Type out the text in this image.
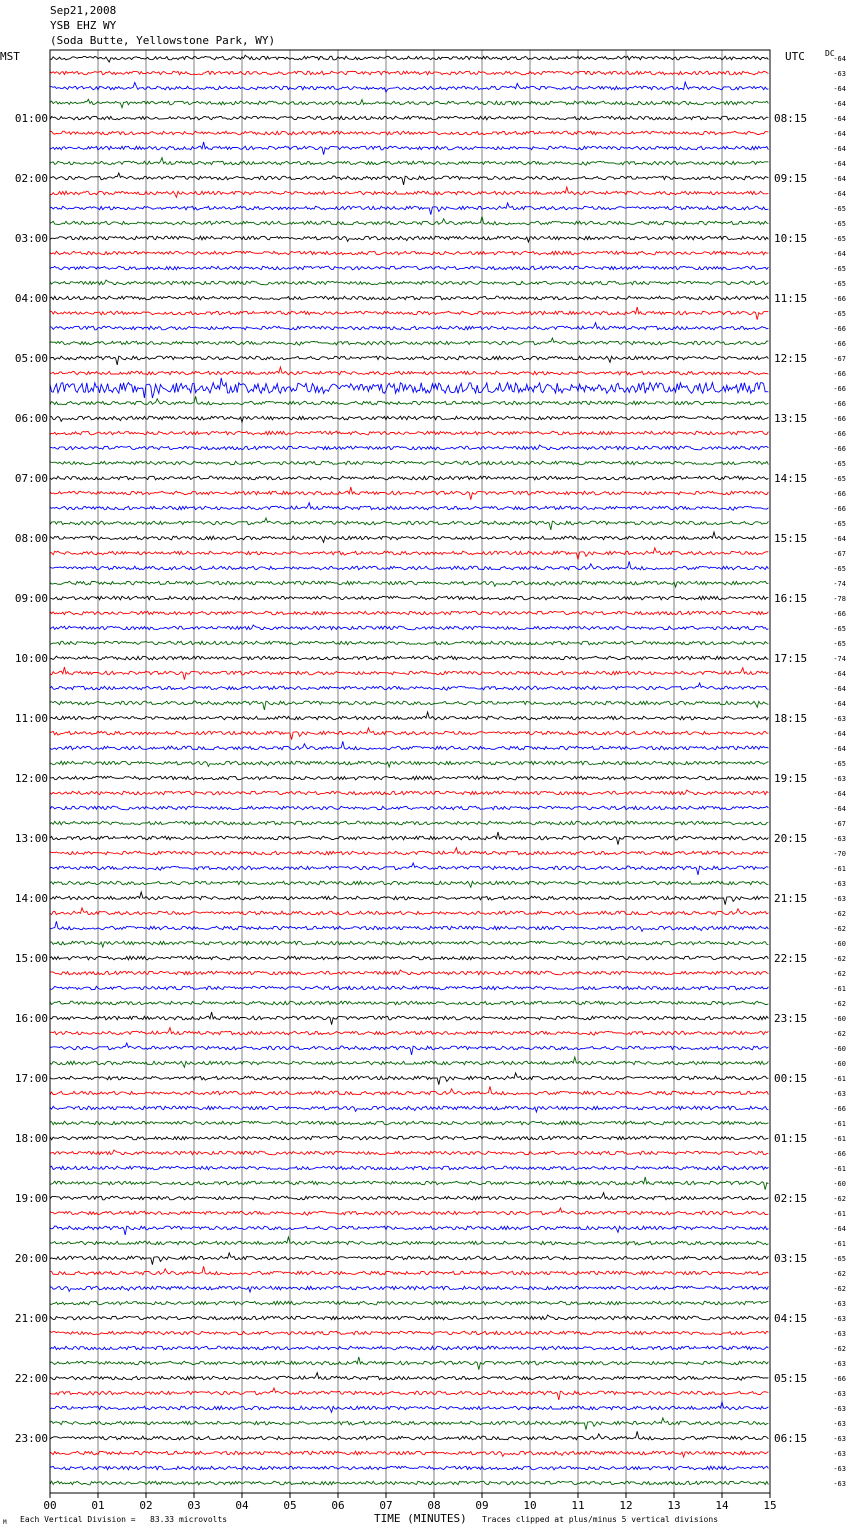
Sep21,2008
YSB EHZ WY
(Soda Butte, Yellowstone Park, WY)
MST	UTC	DC
00	01	02	03	04	05	06	07	08	09	10	11	12	13	14	15
01:00
02:00
03:00
04:00
05:00
06:00
07:00
08:00
09:00
10:00
11:00
12:00
13:00
14:00
15:00
16:00
17:00
18:00
19:00
20:00
21:00
22:00
23:00
08:15
09:15
10:15
11:15
12:15
13:15
14:15
15:15
16:15
17:15
18:15
19:15
20:15
21:15
22:15
23:15
00:15
01:15
02:15
03:15
04:15
05:15
06:15
-64
-63
-64
-64
-64
-64
-64
-64
-64
-64
-65
-65
-65
-64
-65
-65
-66
-65
-66
-66
-67
-66
-66
-66
-66
-66
-66
-65
-65
-66
-66
-65
-64
-67
-65
-74
-78
-66
-65
-65
-74
-64
-64
-64
-63
-64
-64
-65
-63
-64
-64
-67
-63
-70
-61
-63
-63
-62
-62
-60
-62
-62
-61
-62
-60
-62
-60
-60
-61
-63
-66
-61
-61
-66
-61
-60
-62
-61
-64
-61
-65
-62
-62
-63
-63
-63
-62
-63
-66
-63
-63
-63
-63
-63
-63
-63
M Each Vertical Division =   83.33 microvolts	TIME (MINUTES) Traces clipped at plus/minus 5 vertical divisions
